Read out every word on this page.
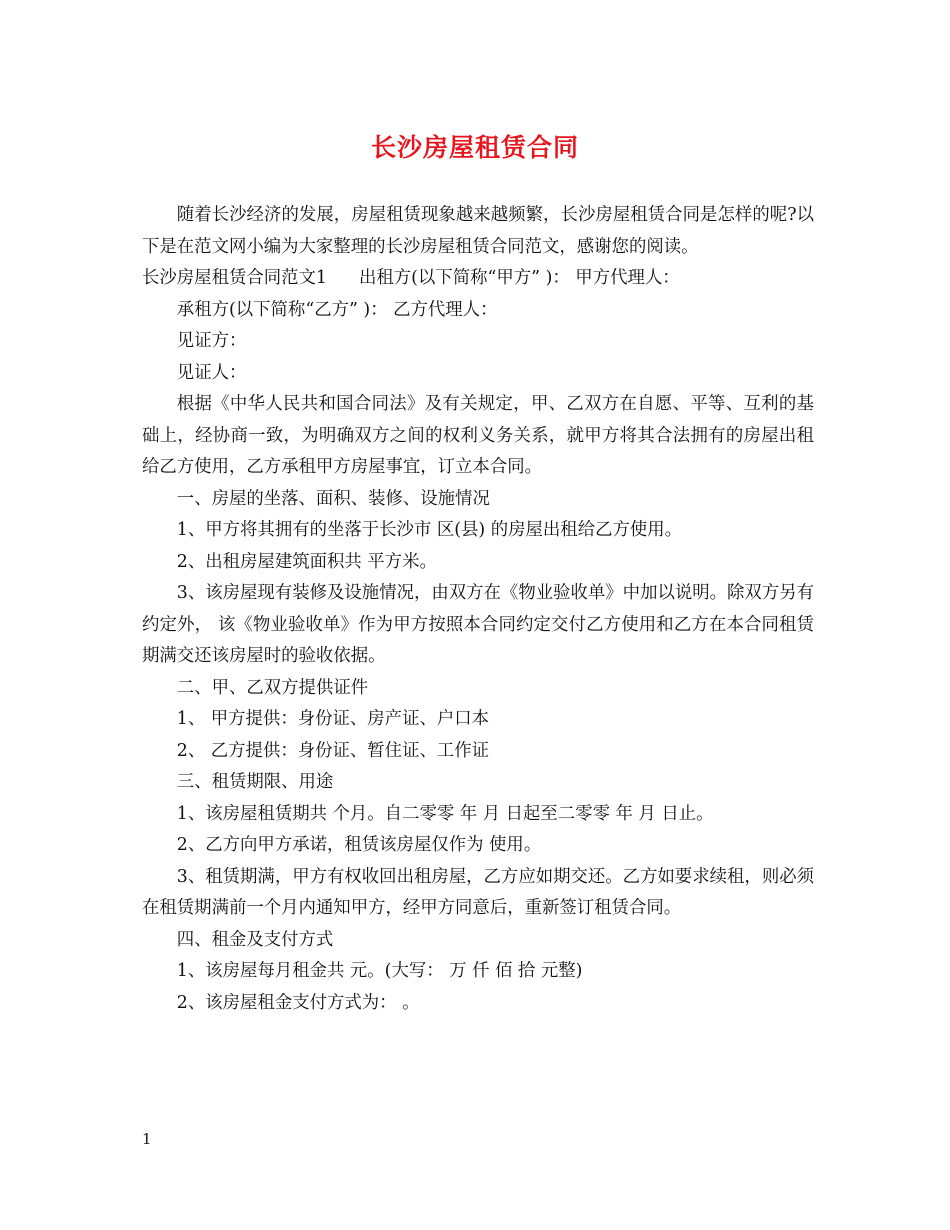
长沙房屋租赁合同

随着长沙经济的发展，房屋租赁现象越来越频繁，长沙房屋租赁合同是怎样的呢?以下是在范文网小编为大家整理的长沙房屋租赁合同范文，感谢您的阅读。

长沙房屋租赁合同范文1 出租方(以下简称“甲方” )： 甲方代理人：

承租方(以下简称“乙方” )： 乙方代理人：

见证方：

见证人：

根据《中华人民共和国合同法》及有关规定，甲、乙双方在自愿、平等、互利的基础上，经协商一致，为明确双方之间的权利义务关系，就甲方将其合法拥有的房屋出租给乙方使用，乙方承租甲方房屋事宜，订立本合同。

一、房屋的坐落、面积、装修、设施情况

1、甲方将其拥有的坐落于长沙市 区(县) 的房屋出租给乙方使用。

2、出租房屋建筑面积共 平方米。

3、该房屋现有装修及设施情况，由双方在《物业验收单》中加以说明。除双方另有约定外， 该《物业验收单》作为甲方按照本合同约定交付乙方使用和乙方在本合同租赁期满交还该房屋时的验收依据。

二、甲、乙双方提供证件

1、 甲方提供：身份证、房产证、户口本

2、 乙方提供：身份证、暂住证、工作证

三、租赁期限、用途

1、该房屋租赁期共 个月。自二零零 年 月 日起至二零零 年 月 日止。

2、乙方向甲方承诺，租赁该房屋仅作为 使用。

3、租赁期满，甲方有权收回出租房屋，乙方应如期交还。乙方如要求续租，则必须在租赁期满前一个月内通知甲方，经甲方同意后，重新签订租赁合同。

四、租金及支付方式

1、该房屋每月租金共 元。(大写： 万 仟 佰 拾 元整)

2、该房屋租金支付方式为： 。

1
